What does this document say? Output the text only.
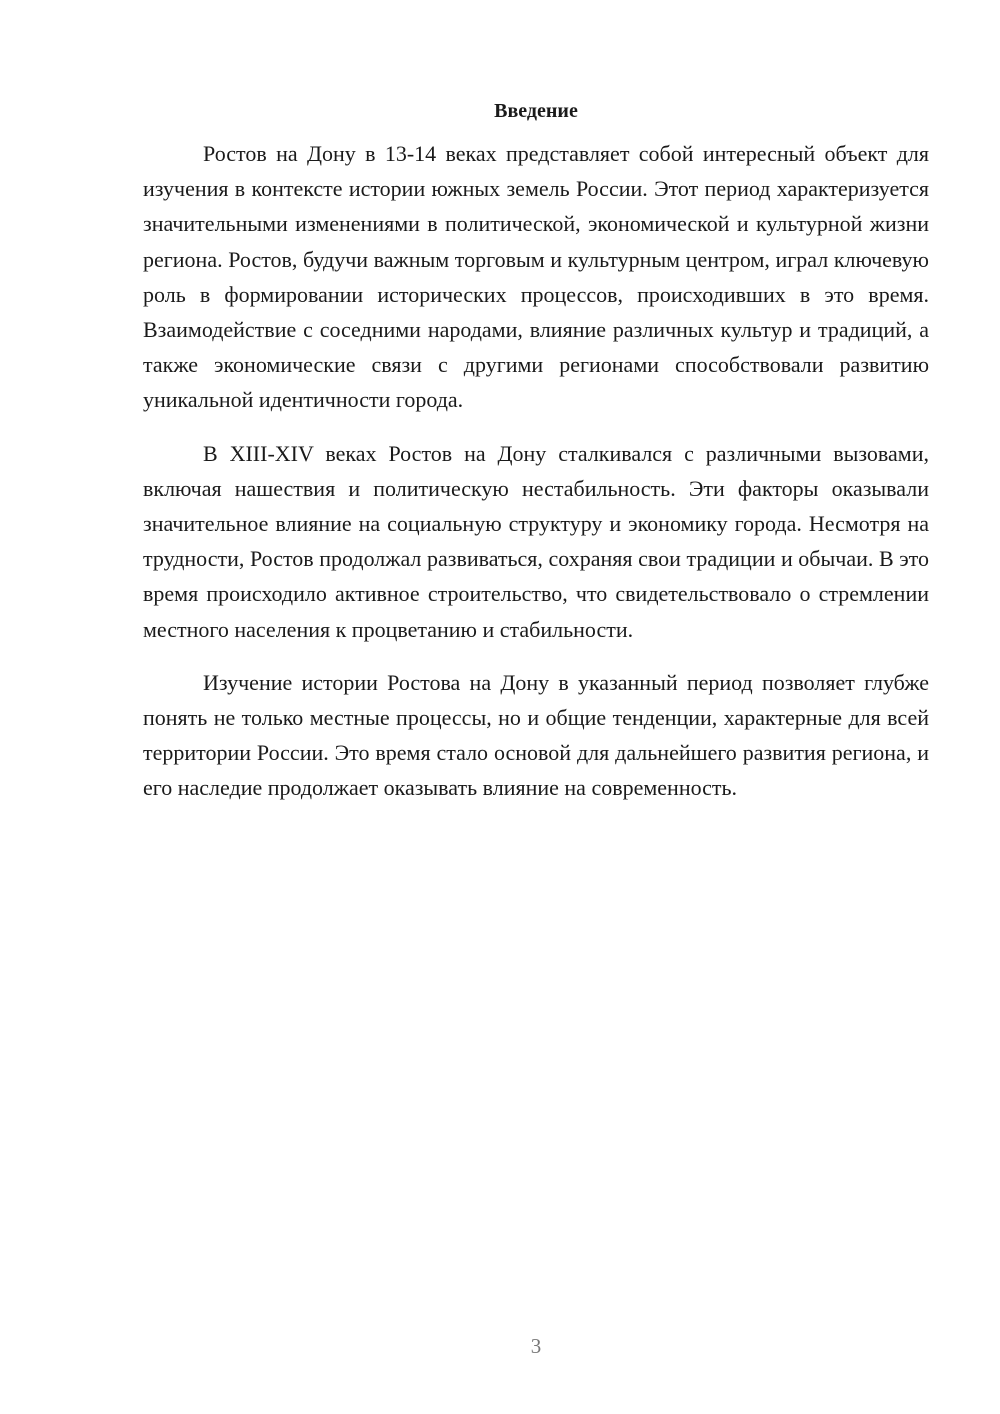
Введение

Ростов на Дону в 13-14 веках представляет собой интересный объект для изучения в контексте истории южных земель России. Этот период характеризуется значительными изменениями в политической, экономической и культурной жизни региона. Ростов, будучи важным торговым и культурным центром, играл ключевую роль в формировании исторических процессов, происходивших в это время. Взаимодействие с соседними народами, влияние различных культур и традиций, а также экономические связи с другими регионами способствовали развитию уникальной идентичности города.

В XIII-XIV веках Ростов на Дону сталкивался с различными вызовами, включая нашествия и политическую нестабильность. Эти факторы оказывали значительное влияние на социальную структуру и экономику города. Несмотря на трудности, Ростов продолжал развиваться, сохраняя свои традиции и обычаи. В это время происходило активное строительство, что свидетельствовало о стремлении местного населения к процветанию и стабильности.

Изучение истории Ростова на Дону в указанный период позволяет глубже понять не только местные процессы, но и общие тенденции, характерные для всей территории России. Это время стало основой для дальнейшего развития региона, и его наследие продолжает оказывать влияние на современность.

3
